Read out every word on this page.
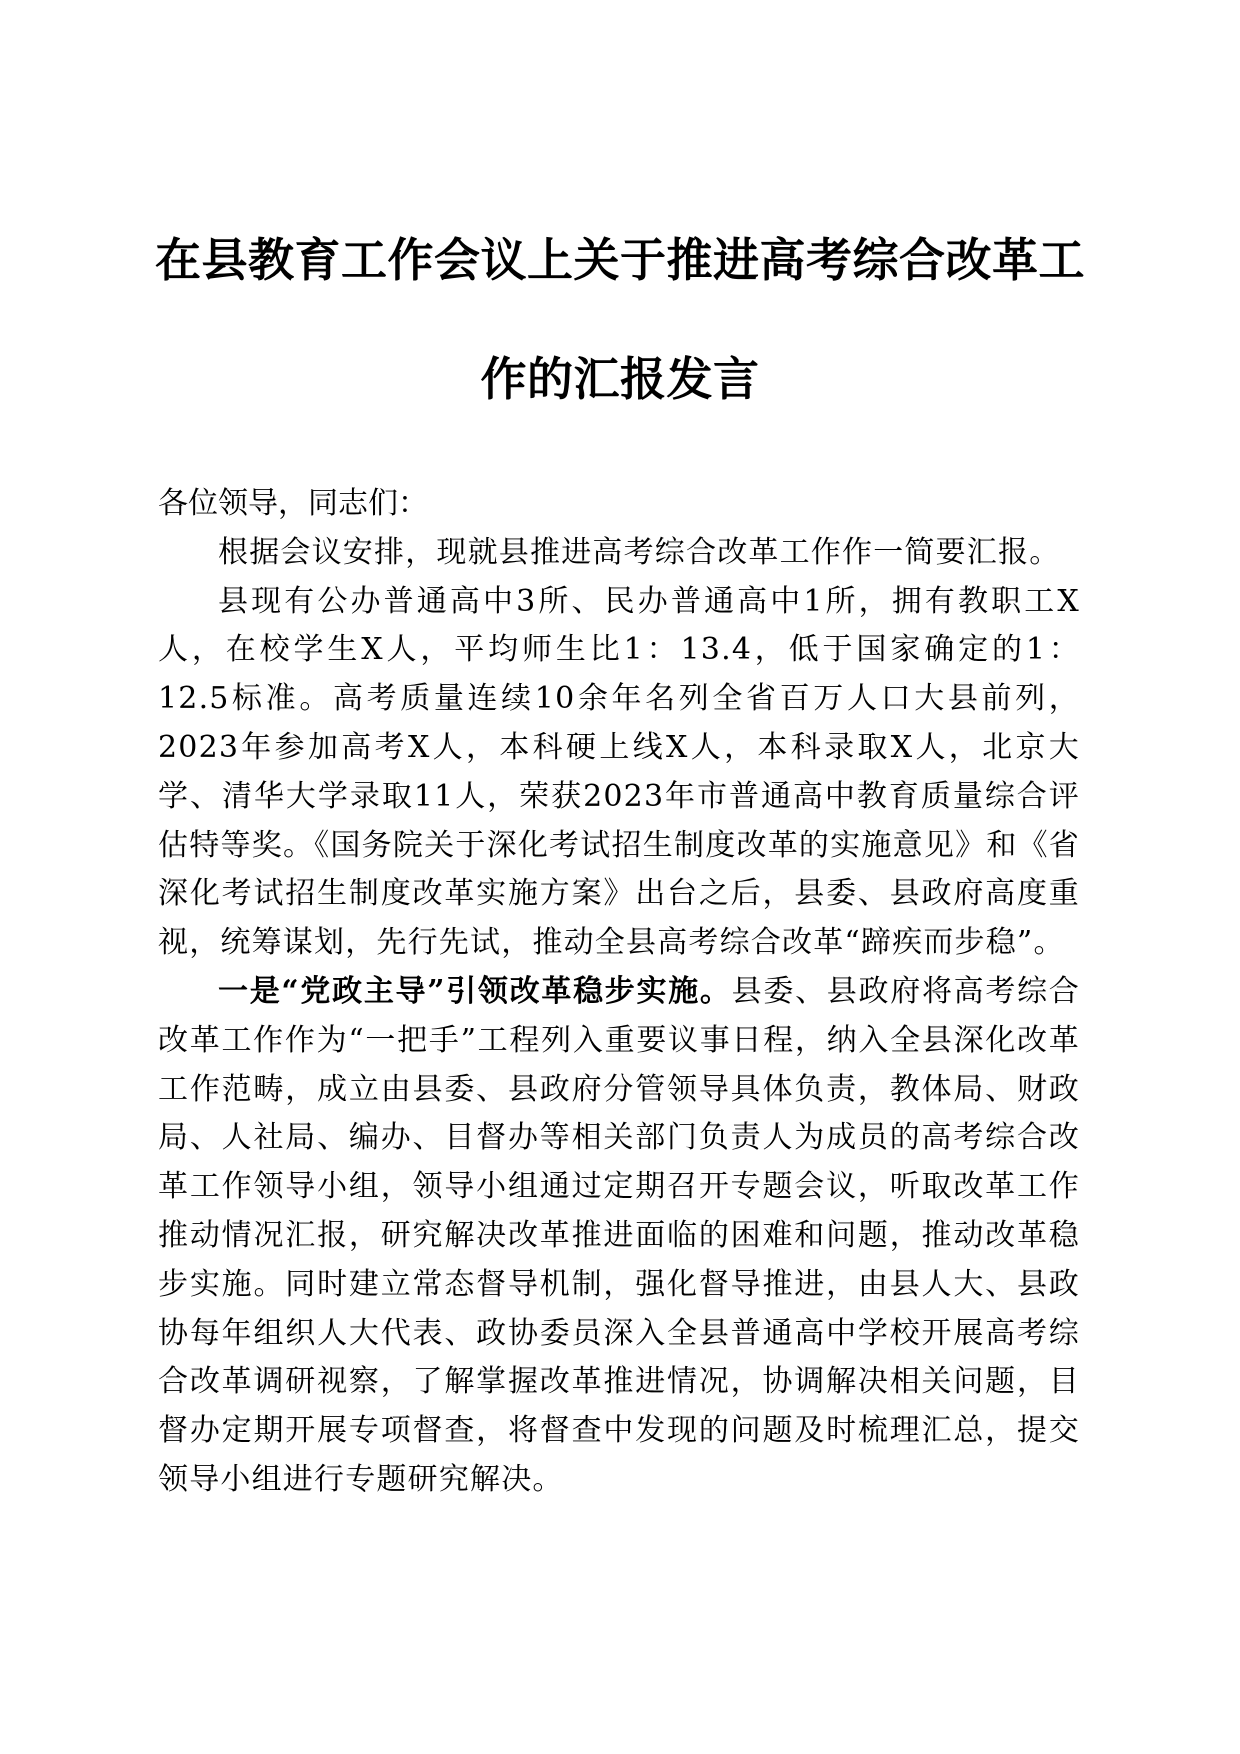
在县教育工作会议上关于推进高考综合改革工
作的汇报发言

各位领导，同志们：

根据会议安排，现就县推进高考综合改革工作作一简要汇报。

县现有公办普通高中3所、民办普通高中1所，拥有教职工X人，在校学生X人，平均师生比1：13.4，低于国家确定的1：12.5标准。高考质量连续10余年名列全省百万人口大县前列，2023年参加高考X人，本科硬上线X人，本科录取X人，北京大学、清华大学录取11人，荣获2023年市普通高中教育质量综合评估特等奖。《国务院关于深化考试招生制度改革的实施意见》和《省深化考试招生制度改革实施方案》出台之后，县委、县政府高度重视，统筹谋划，先行先试，推动全县高考综合改革“蹄疾而步稳”。

一是“党政主导”引领改革稳步实施。县委、县政府将高考综合改革工作作为“一把手”工程列入重要议事日程，纳入全县深化改革工作范畴，成立由县委、县政府分管领导具体负责，教体局、财政局、人社局、编办、目督办等相关部门负责人为成员的高考综合改革工作领导小组，领导小组通过定期召开专题会议，听取改革工作推动情况汇报，研究解决改革推进面临的困难和问题，推动改革稳步实施。同时建立常态督导机制，强化督导推进，由县人大、县政协每年组织人大代表、政协委员深入全县普通高中学校开展高考综合改革调研视察，了解掌握改革推进情况，协调解决相关问题，目督办定期开展专项督查，将督查中发现的问题及时梳理汇总，提交领导小组进行专题研究解决。
